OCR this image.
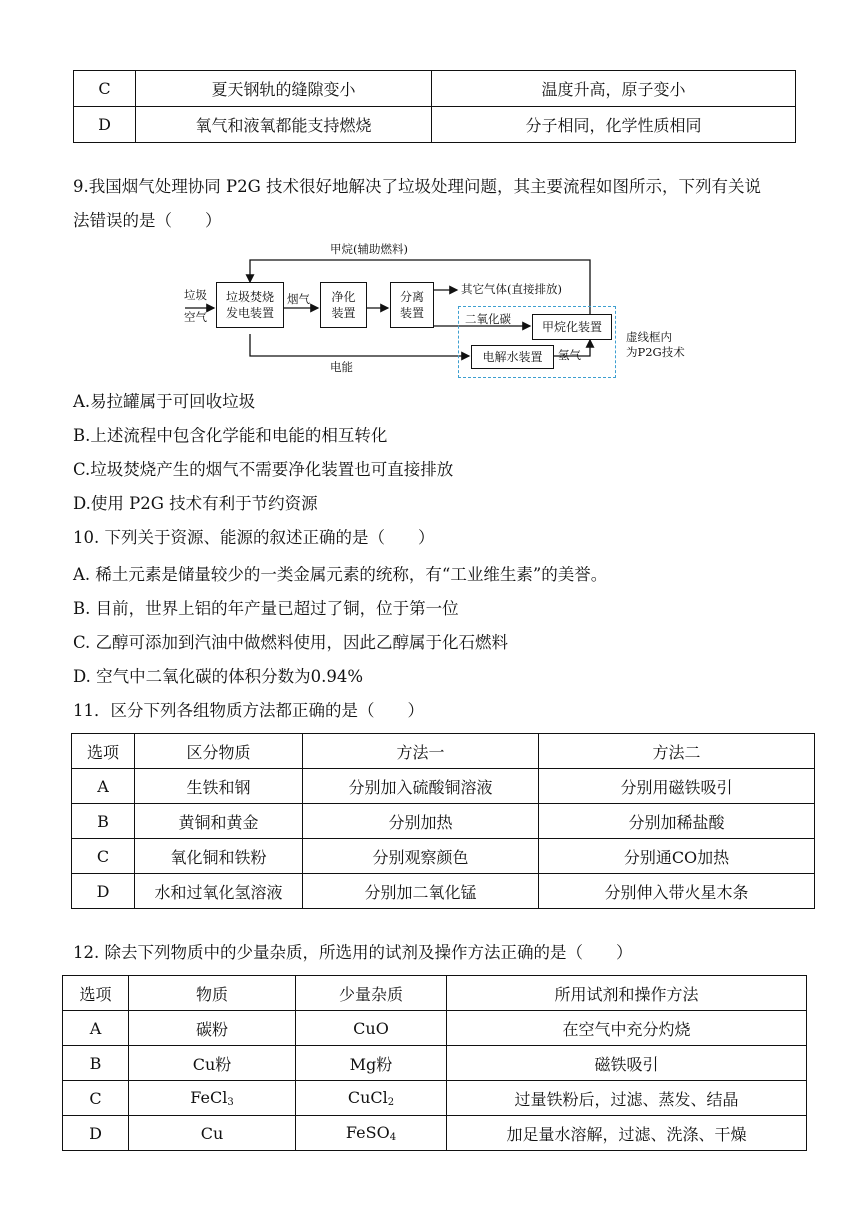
C	夏天钢轨的缝隙变小	温度升高，原子变小
D	氧气和液氧都能支持燃烧	分子相同，化学性质相同
9.我国烟气处理协同 P2G 技术很好地解决了垃圾处理问题，其主要流程如图所示，下列有关说
法错误的是（　　）
垃圾
空气
垃圾焚烧
发电装置
烟气 净化
装置
分离
装置
甲烷(辅助燃料)
其它气体(直接排放)
二氧化碳
甲烷化装置
电解水装置 氢气
电能
虚线框内
为P2G技术
A.易拉罐属于可回收垃圾
B.上述流程中包含化学能和电能的相互转化
C.垃圾焚烧产生的烟气不需要净化装置也可直接排放
D.使用 P2G 技术有利于节约资源
10. 下列关于资源、能源的叙述正确的是（　　）
A. 稀土元素是储量较少的一类金属元素的统称，有“工业维生素”的美誉。
B. 目前，世界上铝的年产量已超过了铜，位于第一位
C. 乙醇可添加到汽油中做燃料使用，因此乙醇属于化石燃料
D. 空气中二氧化碳的体积分数为0.94%
11．区分下列各组物质方法都正确的是（　　）
选项	区分物质	方法一	方法二
A	生铁和钢	分别加入硫酸铜溶液	分别用磁铁吸引
B	黄铜和黄金	分别加热	分别加稀盐酸
C	氧化铜和铁粉	分别观察颜色	分别通CO加热
D	水和过氧化氢溶液	分别加二氧化锰	分别伸入带火星木条
12. 除去下列物质中的少量杂质，所选用的试剂及操作方法正确的是（　　）
选项	物质	少量杂质	所用试剂和操作方法
A	碳粉	CuO	在空气中充分灼烧
B	Cu粉	Mg粉	磁铁吸引
C	FeCl$_3$	CuCl$_2$	过量铁粉后，过滤、蒸发、结晶
D	Cu	FeSO$_4$	加足量水溶解，过滤、洗涤、干燥
